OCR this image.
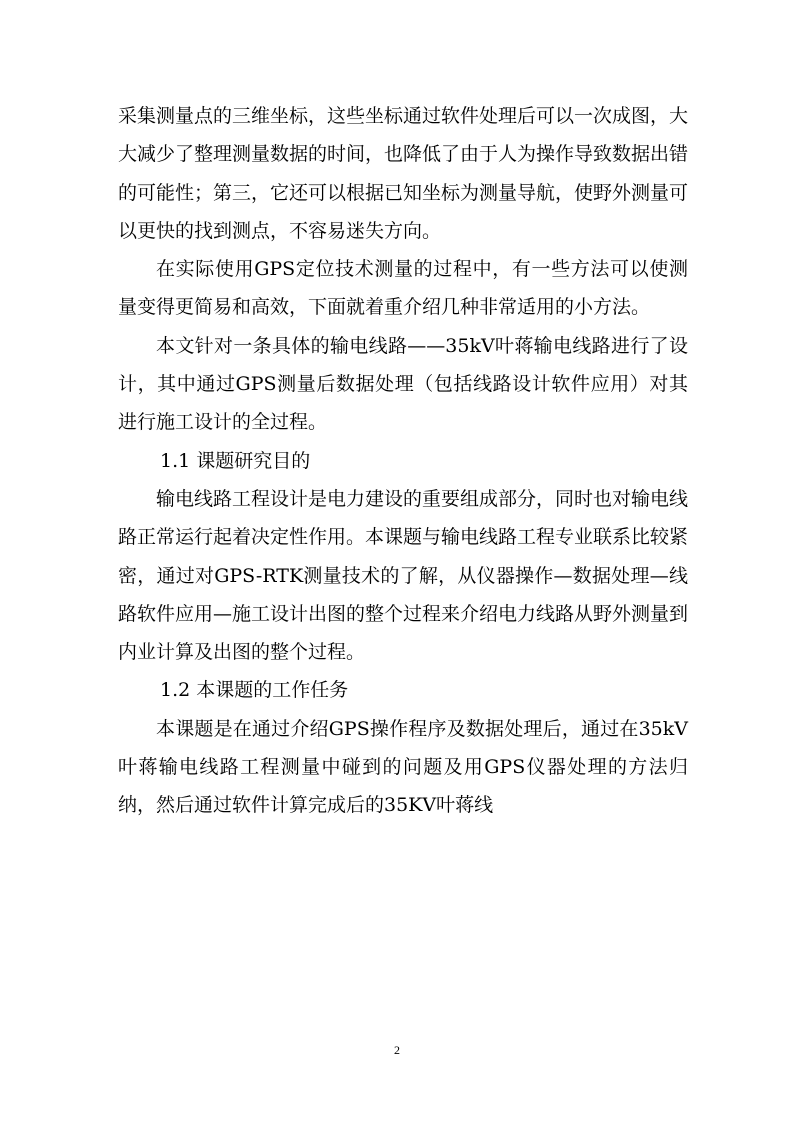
采集测量点的三维坐标，这些坐标通过软件处理后可以一次成图，大大减少了整理测量数据的时间，也降低了由于人为操作导致数据出错的可能性；第三，它还可以根据已知坐标为测量导航，使野外测量可以更快的找到测点，不容易迷失方向。

在实际使用GPS定位技术测量的过程中，有一些方法可以使测量变得更简易和高效，下面就着重介绍几种非常适用的小方法。

本文针对一条具体的输电线路——35kV叶蒋输电线路进行了设计，其中通过GPS测量后数据处理（包括线路设计软件应用）对其进行施工设计的全过程。

1.1 课题研究目的

输电线路工程设计是电力建设的重要组成部分，同时也对输电线路正常运行起着决定性作用。本课题与输电线路工程专业联系比较紧密，通过对GPS-RTK测量技术的了解，从仪器操作—数据处理—线路软件应用—施工设计出图的整个过程来介绍电力线路从野外测量到内业计算及出图的整个过程。

1.2 本课题的工作任务

本课题是在通过介绍GPS操作程序及数据处理后，通过在35kV叶蒋输电线路工程测量中碰到的问题及用GPS仪器处理的方法归纳，然后通过软件计算完成后的35KV叶蒋线

2
